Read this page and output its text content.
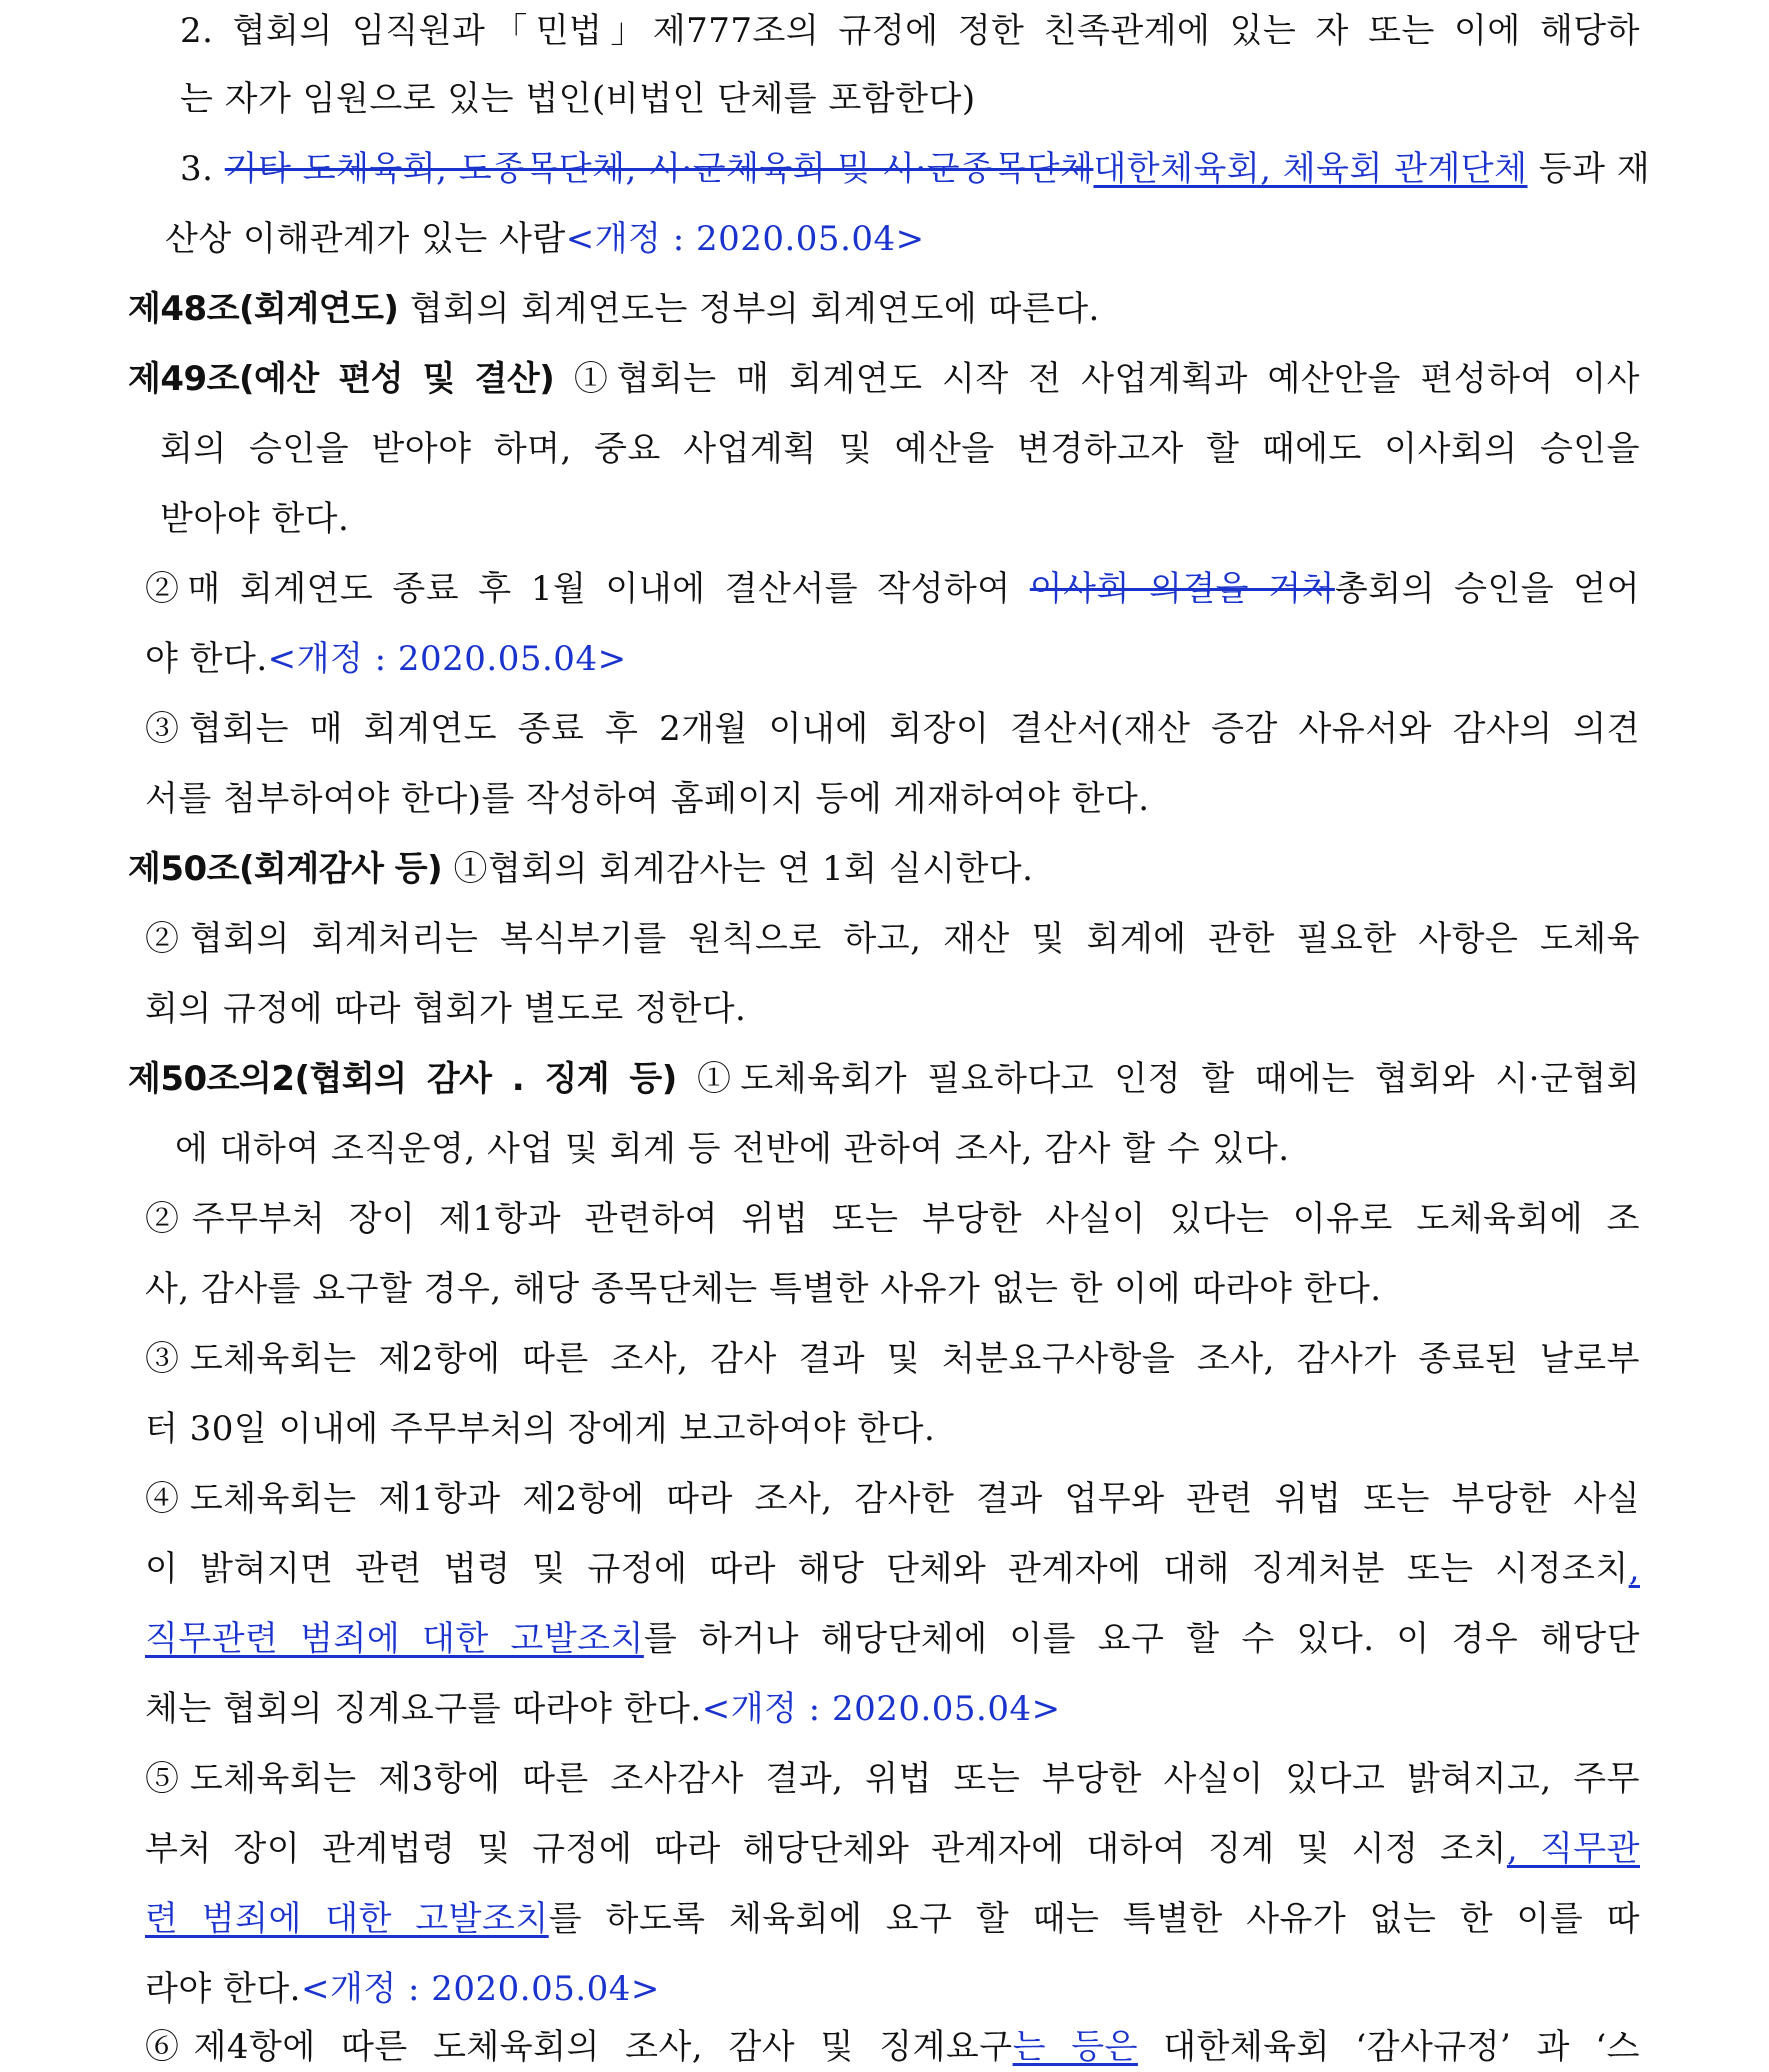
2. 협회의 임직원과「민법」제777조의 규정에 정한 친족관계에 있는 자 또는 이에 해당하
는 자가 임원으로 있는 법인(비법인 단체를 포함한다)
3. 기타 도체육회, 도종목단체, 시·군체육회 및 시·군종목단체대한체육회, 체육회 관계단체 등과 재
산상 이해관계가 있는 사람<개정 : 2020.05.04>
제48조(회계연도) 협회의 회계연도는 정부의 회계연도에 따른다.
제49조(예산 편성 및 결산) ①협회는 매 회계연도 시작 전 사업계획과 예산안을 편성하여 이사
회의 승인을 받아야 하며, 중요 사업계획 및 예산을 변경하고자 할 때에도 이사회의 승인을
받아야 한다.
②매 회계연도 종료 후 1월 이내에 결산서를 작성하여 이사회 의결을 거처총회의 승인을 얻어
야 한다.<개정 : 2020.05.04>
③협회는 매 회계연도 종료 후 2개월 이내에 회장이 결산서(재산 증감 사유서와 감사의 의견
서를 첨부하여야 한다)를 작성하여 홈페이지 등에 게재하여야 한다.
제50조(회계감사 등) ①협회의 회계감사는 연 1회 실시한다.
②협회의 회계처리는 복식부기를 원칙으로 하고, 재산 및 회계에 관한 필요한 사항은 도체육
회의 규정에 따라 협회가 별도로 정한다.
제50조의2(협회의 감사 . 징계 등) ①도체육회가 필요하다고 인정 할 때에는 협회와 시·군협회
에 대하여 조직운영, 사업 및 회계 등 전반에 관하여 조사, 감사 할 수 있다.
②주무부처 장이 제1항과 관련하여 위법 또는 부당한 사실이 있다는 이유로 도체육회에 조
사, 감사를 요구할 경우, 해당 종목단체는 특별한 사유가 없는 한 이에 따라야 한다.
③도체육회는 제2항에 따른 조사, 감사 결과 및 처분요구사항을 조사, 감사가 종료된 날로부
터 30일 이내에 주무부처의 장에게 보고하여야 한다.
④도체육회는 제1항과 제2항에 따라 조사, 감사한 결과 업무와 관련 위법 또는 부당한 사실
이 밝혀지면 관련 법령 및 규정에 따라 해당 단체와 관계자에 대해 징계처분 또는 시정조치,
직무관련 범죄에 대한 고발조치를 하거나 해당단체에 이를 요구 할 수 있다. 이 경우 해당단
체는 협회의 징계요구를 따라야 한다.<개정 : 2020.05.04>
⑤도체육회는 제3항에 따른 조사감사 결과, 위법 또는 부당한 사실이 있다고 밝혀지고, 주무
부처 장이 관계법령 및 규정에 따라 해당단체와 관계자에 대하여 징계 및 시정 조치, 직무관
련 범죄에 대한 고발조치를 하도록 체육회에 요구 할 때는 특별한 사유가 없는 한 이를 따
라야 한다.<개정 : 2020.05.04>
⑥제4항에 따른 도체육회의 조사, 감사 및 징계요구는 등은 대한체육회 ‘감사규정’ 과 ‘스
